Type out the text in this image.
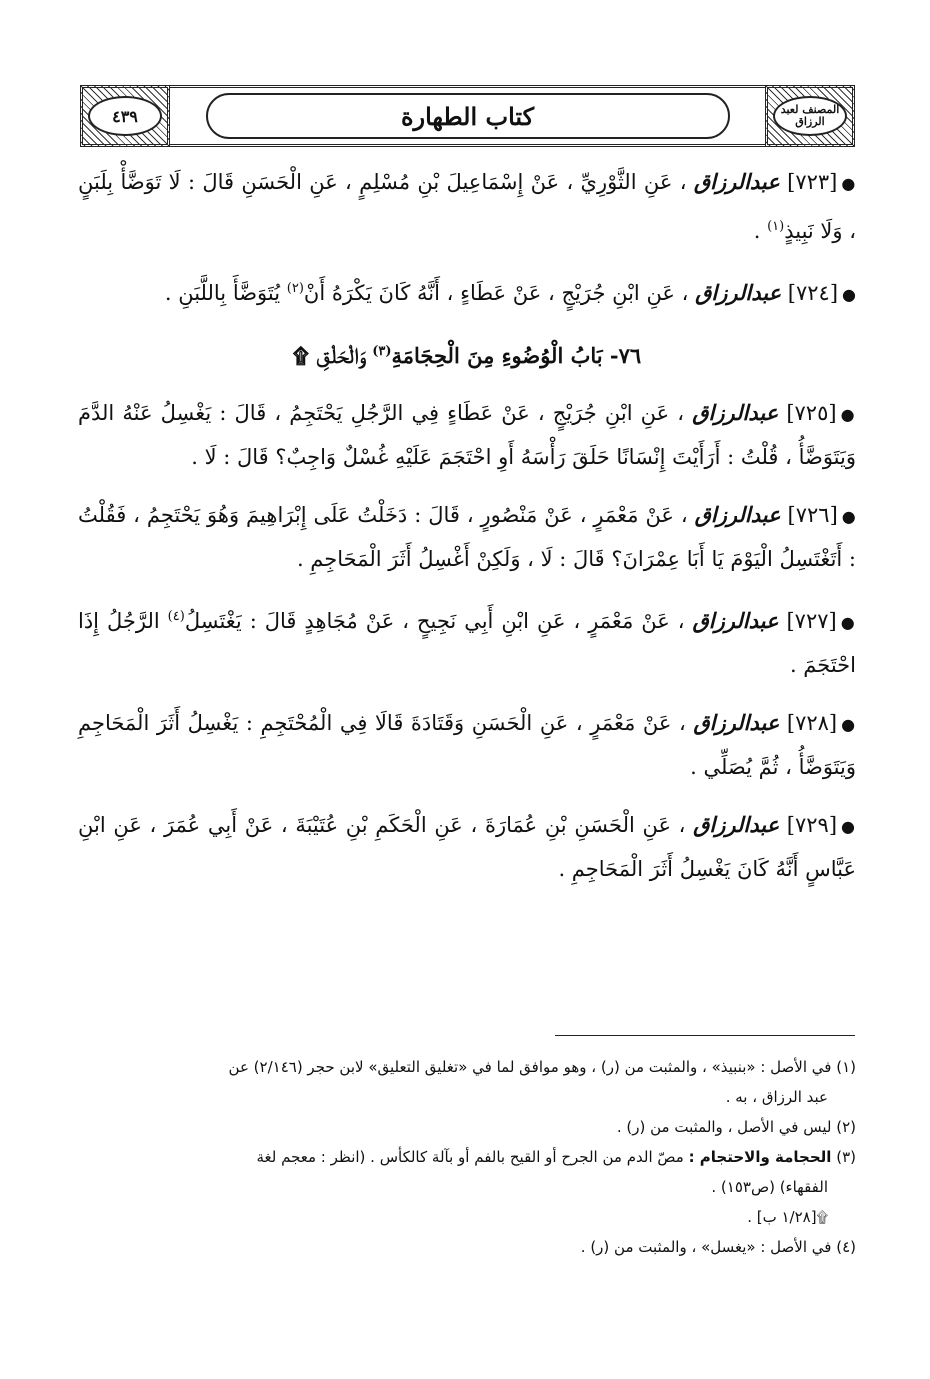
٤٣٩	كتاب الطهارة	المصنف لعبد الرزاق

●[٧٢٣] عبدالرزاق ، عَنِ الثَّوْرِيِّ ، عَنْ إِسْمَاعِيلَ بْنِ مُسْلِمٍ ، عَنِ الْحَسَنِ قَالَ : لَا تَوَضَّأْ بِلَبَنٍ ، وَلَا نَبِيذٍ$^{(١)}$ .

●[٧٢٤] عبدالرزاق ، عَنِ ابْنِ جُرَيْجٍ ، عَنْ عَطَاءٍ ، أَنَّهُ كَانَ يَكْرَهُ أَنْ$^{(٢)}$ يُتَوَضَّأَ بِاللَّبَنِ .

٧٦- بَابُ الْوُضُوءِ مِنَ الْحِجَامَةِ$^{(٣)}$ وَالْحَلْقِ ۩

●[٧٢٥] عبدالرزاق ، عَنِ ابْنِ جُرَيْجٍ ، عَنْ عَطَاءٍ فِي الرَّجُلِ يَحْتَجِمُ ، قَالَ : يَغْسِلُ عَنْهُ الدَّمَ وَيَتَوَضَّأُ ، قُلْتُ : أَرَأَيْتَ إِنْسَانًا حَلَقَ رَأْسَهُ أَوِ احْتَجَمَ عَلَيْهِ غُسْلٌ وَاجِبٌ؟ قَالَ : لَا .

●[٧٢٦] عبدالرزاق ، عَنْ مَعْمَرٍ ، عَنْ مَنْصُورٍ ، قَالَ : دَخَلْتُ عَلَى إِبْرَاهِيمَ وَهُوَ يَحْتَجِمُ ، فَقُلْتُ : أَتَغْتَسِلُ الْيَوْمَ يَا أَبَا عِمْرَانَ؟ قَالَ : لَا ، وَلَكِنْ أَغْسِلُ أَثَرَ الْمَحَاجِمِ .

●[٧٢٧] عبدالرزاق ، عَنْ مَعْمَرٍ ، عَنِ ابْنِ أَبِي نَجِيحٍ ، عَنْ مُجَاهِدٍ قَالَ : يَغْتَسِلُ$^{(٤)}$ الرَّجُلُ إِذَا احْتَجَمَ .

●[٧٢٨] عبدالرزاق ، عَنْ مَعْمَرٍ ، عَنِ الْحَسَنِ وَقَتَادَةَ قَالَا فِي الْمُحْتَجِمِ : يَغْسِلُ أَثَرَ الْمَحَاجِمِ وَيَتَوَضَّأُ ، ثُمَّ يُصَلِّي .

●[٧٢٩] عبدالرزاق ، عَنِ الْحَسَنِ بْنِ عُمَارَةَ ، عَنِ الْحَكَمِ بْنِ عُتَيْبَةَ ، عَنْ أَبِي عُمَرَ ، عَنِ ابْنِ عَبَّاسٍ أَنَّهُ كَانَ يَغْسِلُ أَثَرَ الْمَحَاجِمِ .

(١) في الأصل : «بنبيذ» ، والمثبت من (ر) ، وهو موافق لما في «تغليق التعليق» لابن حجر (٢/١٤٦) عن

عبد الرزاق ، به .

(٢) ليس في الأصل ، والمثبت من (ر) .

(٣) الحجامة والاحتجام : مصّ الدم من الجرح أو القيح بالفم أو بآلة كالكأس . (انظر : معجم لغة

الفقهاء) (ص١٥٣) .

۩[١/٢٨ ب] .

(٤) في الأصل : «يغسل» ، والمثبت من (ر) .
